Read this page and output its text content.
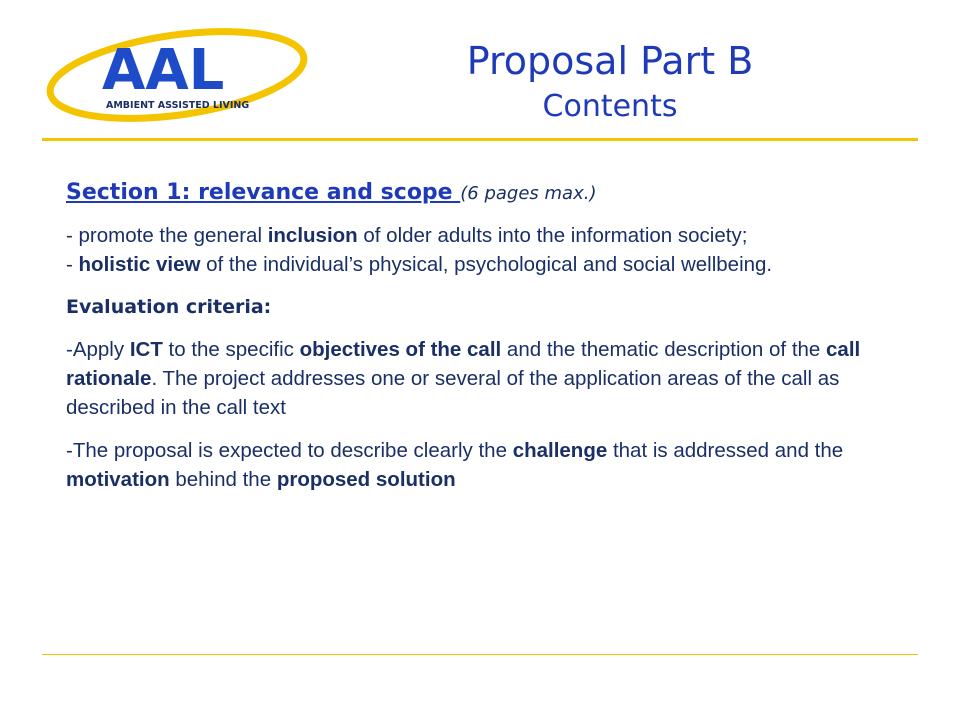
AAL
AMBIENT ASSISTED LIVING
Proposal Part B
Contents
Section 1: relevance and scope (6 pages max.)

- promote the general inclusion of older adults into the information society;
- holistic view of the individual’s physical, psychological and social wellbeing.

Evaluation criteria:

-Apply ICT to the specific objectives of the call and the thematic description of the call rationale. The project addresses one or several of the application areas of the call as described in the call text

-The proposal is expected to describe clearly the challenge that is addressed and the motivation behind the proposed solution
